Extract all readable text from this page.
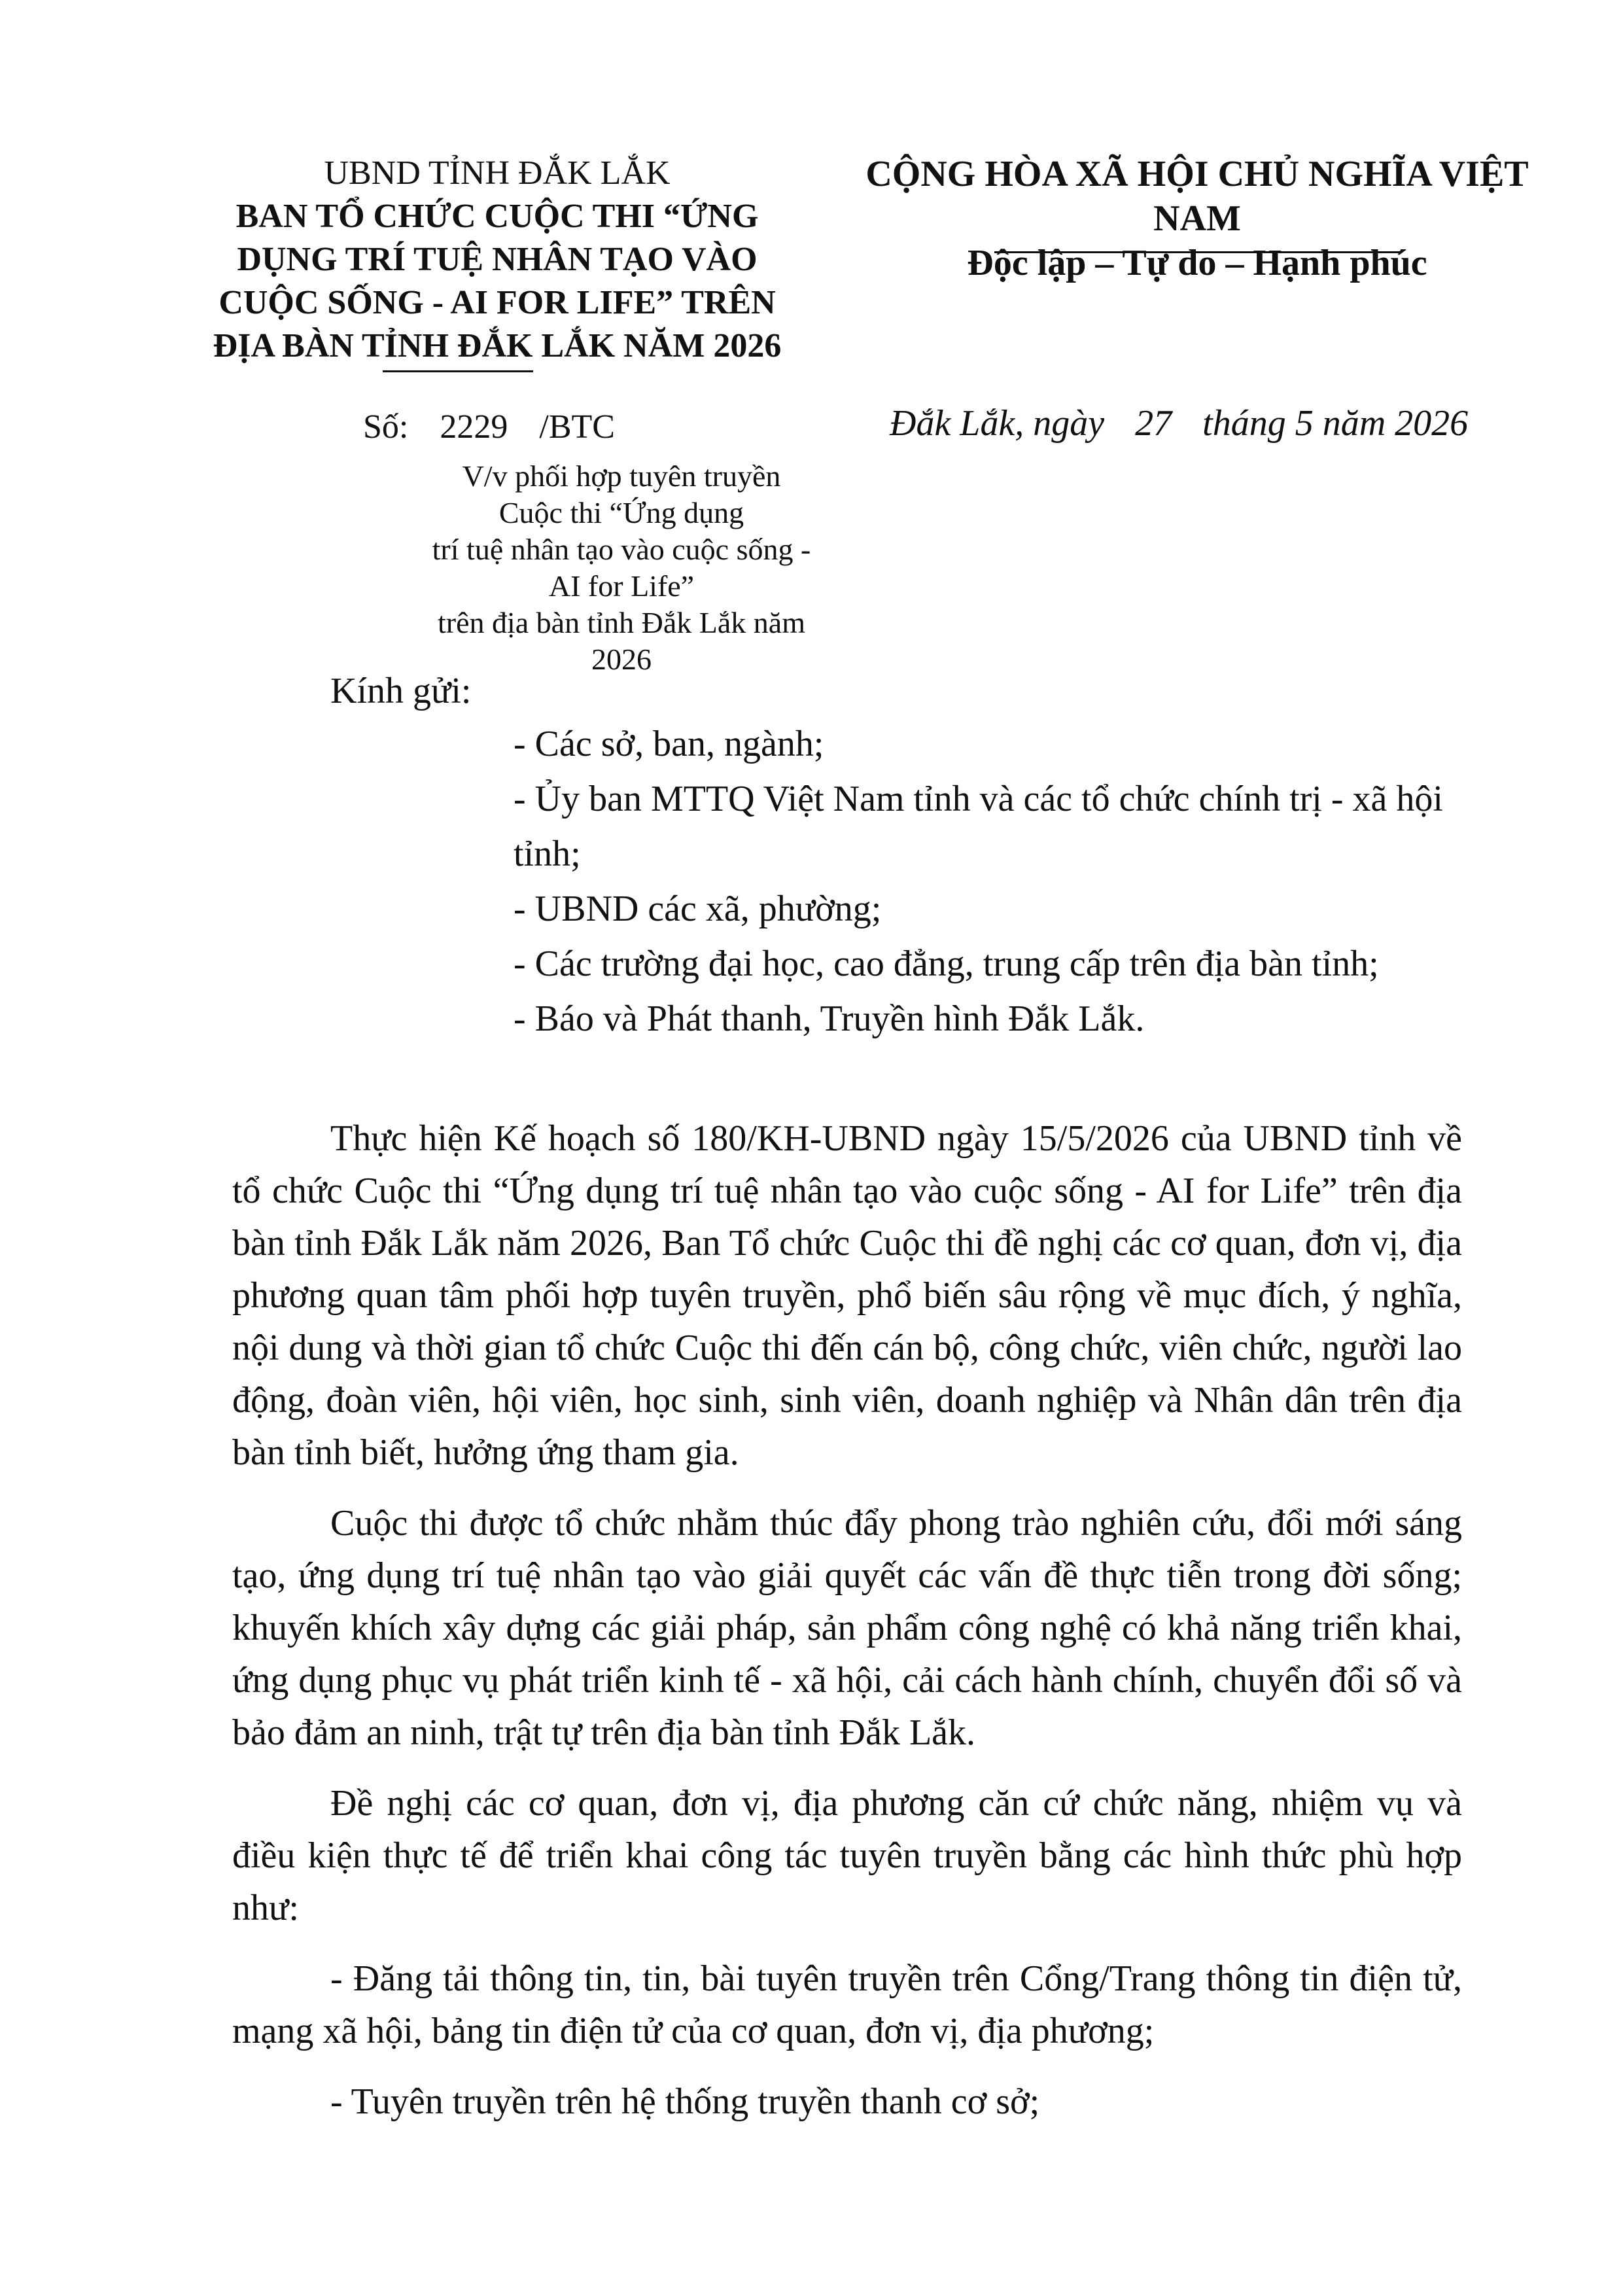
UBND TỈNH ĐẮK LẮK
BAN TỔ CHỨC CUỘC THI “ỨNG
DỤNG TRÍ TUỆ NHÂN TẠO VÀO
CUỘC SỐNG - AI FOR LIFE” TRÊN
ĐỊA BÀN TỈNH ĐẮK LẮK NĂM 2026
CỘNG HÒA XÃ HỘI CHỦ NGHĨA VIỆT NAM
Độc lập – Tự do – Hạnh phúc
Số: 2229 /BTC	Đắk Lắk, ngày 27 tháng 5 năm 2026
V/v phối hợp tuyên truyền Cuộc thi “Ứng dụng
trí tuệ nhân tạo vào cuộc sống - AI for Life”
trên địa bàn tỉnh Đắk Lắk năm 2026
Kính gửi:

- Các sở, ban, ngành;

- Ủy ban MTTQ Việt Nam tỉnh và các tổ chức chính trị - xã hội tỉnh;

- UBND các xã, phường;

- Các trường đại học, cao đẳng, trung cấp trên địa bàn tỉnh;

- Báo và Phát thanh, Truyền hình Đắk Lắk.

Thực hiện Kế hoạch số 180/KH-UBND ngày 15/5/2026 của UBND tỉnh về tổ chức Cuộc thi “Ứng dụng trí tuệ nhân tạo vào cuộc sống - AI for Life” trên địa bàn tỉnh Đắk Lắk năm 2026, Ban Tổ chức Cuộc thi đề nghị các cơ quan, đơn vị, địa phương quan tâm phối hợp tuyên truyền, phổ biến sâu rộng về mục đích, ý nghĩa, nội dung và thời gian tổ chức Cuộc thi đến cán bộ, công chức, viên chức, người lao động, đoàn viên, hội viên, học sinh, sinh viên, doanh nghiệp và Nhân dân trên địa bàn tỉnh biết, hưởng ứng tham gia.

Cuộc thi được tổ chức nhằm thúc đẩy phong trào nghiên cứu, đổi mới sáng tạo, ứng dụng trí tuệ nhân tạo vào giải quyết các vấn đề thực tiễn trong đời sống; khuyến khích xây dựng các giải pháp, sản phẩm công nghệ có khả năng triển khai, ứng dụng phục vụ phát triển kinh tế - xã hội, cải cách hành chính, chuyển đổi số và bảo đảm an ninh, trật tự trên địa bàn tỉnh Đắk Lắk.

Đề nghị các cơ quan, đơn vị, địa phương căn cứ chức năng, nhiệm vụ và điều kiện thực tế để triển khai công tác tuyên truyền bằng các hình thức phù hợp như:

- Đăng tải thông tin, tin, bài tuyên truyền trên Cổng/Trang thông tin điện tử, mạng xã hội, bảng tin điện tử của cơ quan, đơn vị, địa phương;

- Tuyên truyền trên hệ thống truyền thanh cơ sở;
